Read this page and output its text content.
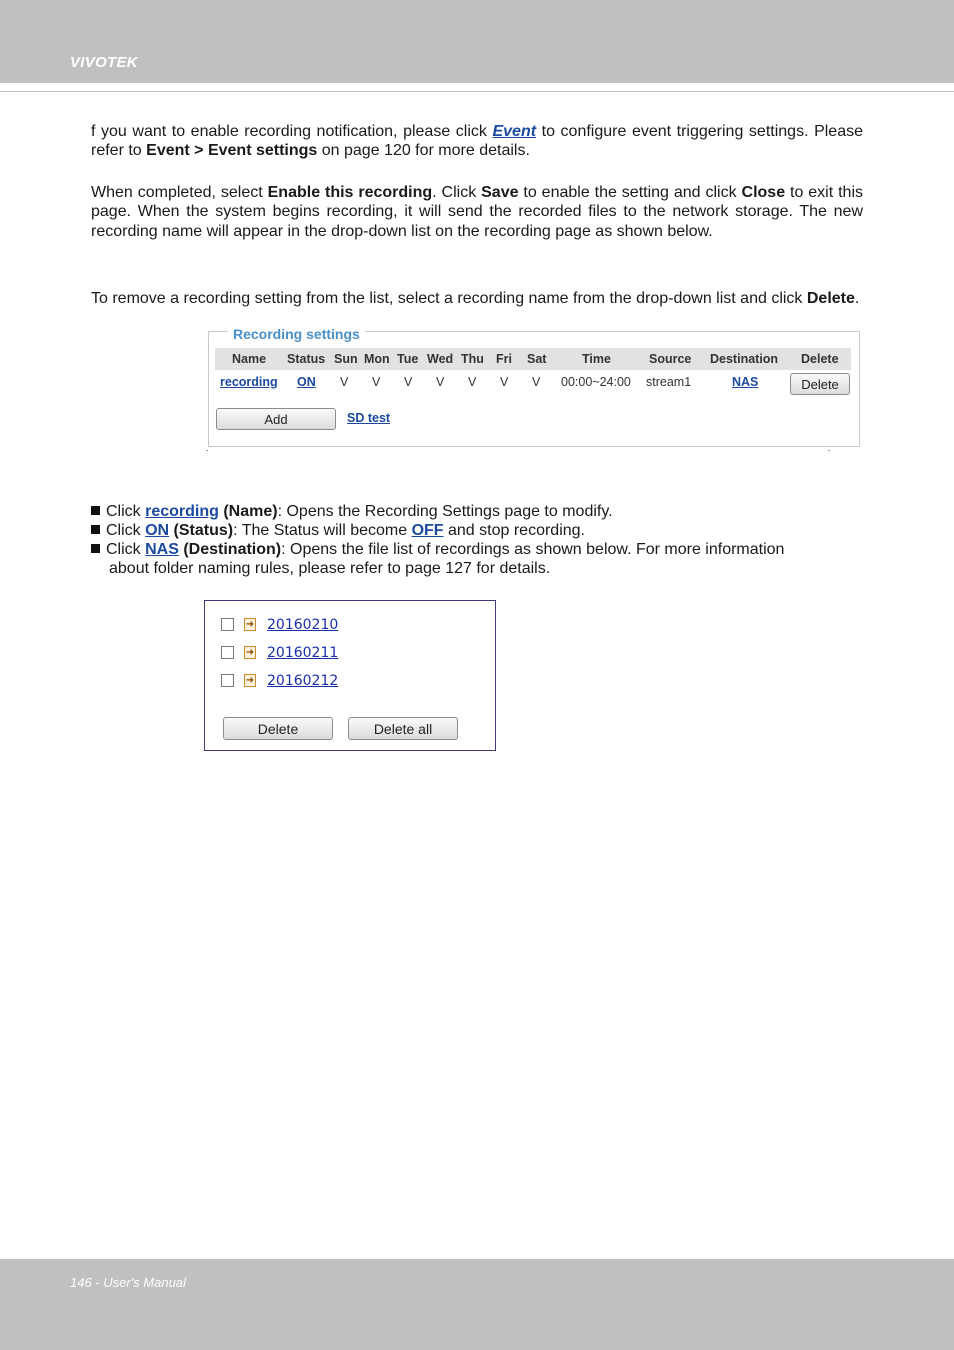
VIVOTEK

f you want to enable recording notification, please click Event to configure event triggering settings. Please refer to Event > Event settings on page 120 for more details.

When completed, select Enable this recording. Click Save to enable the setting and click Close to exit this page. When the system begins recording, it will send the recorded files to the network storage. The new recording name will appear in the drop-down list on the recording page as shown below.

To remove a recording setting from the list, select a recording name from the drop-down list and click Delete.

Recording settings
Name Status Sun Mon Tue Wed Thu Fri Sat	Time	Source Destination Delete
recording ON V V V V V V V 00:00~24:00 stream1	NAS	Delete
Add	SD test

Click recording (Name): Opens the Recording Settings page to modify.

Click ON (Status): The Status will become OFF and stop recording.

Click NAS (Destination): Opens the file list of recordings as shown below. For more information
about folder naming rules, please refer to page 127 for details.

➜ 20160210
➜ 20160211
➜ 20160212
Delete	Delete all
146 - User's Manual
